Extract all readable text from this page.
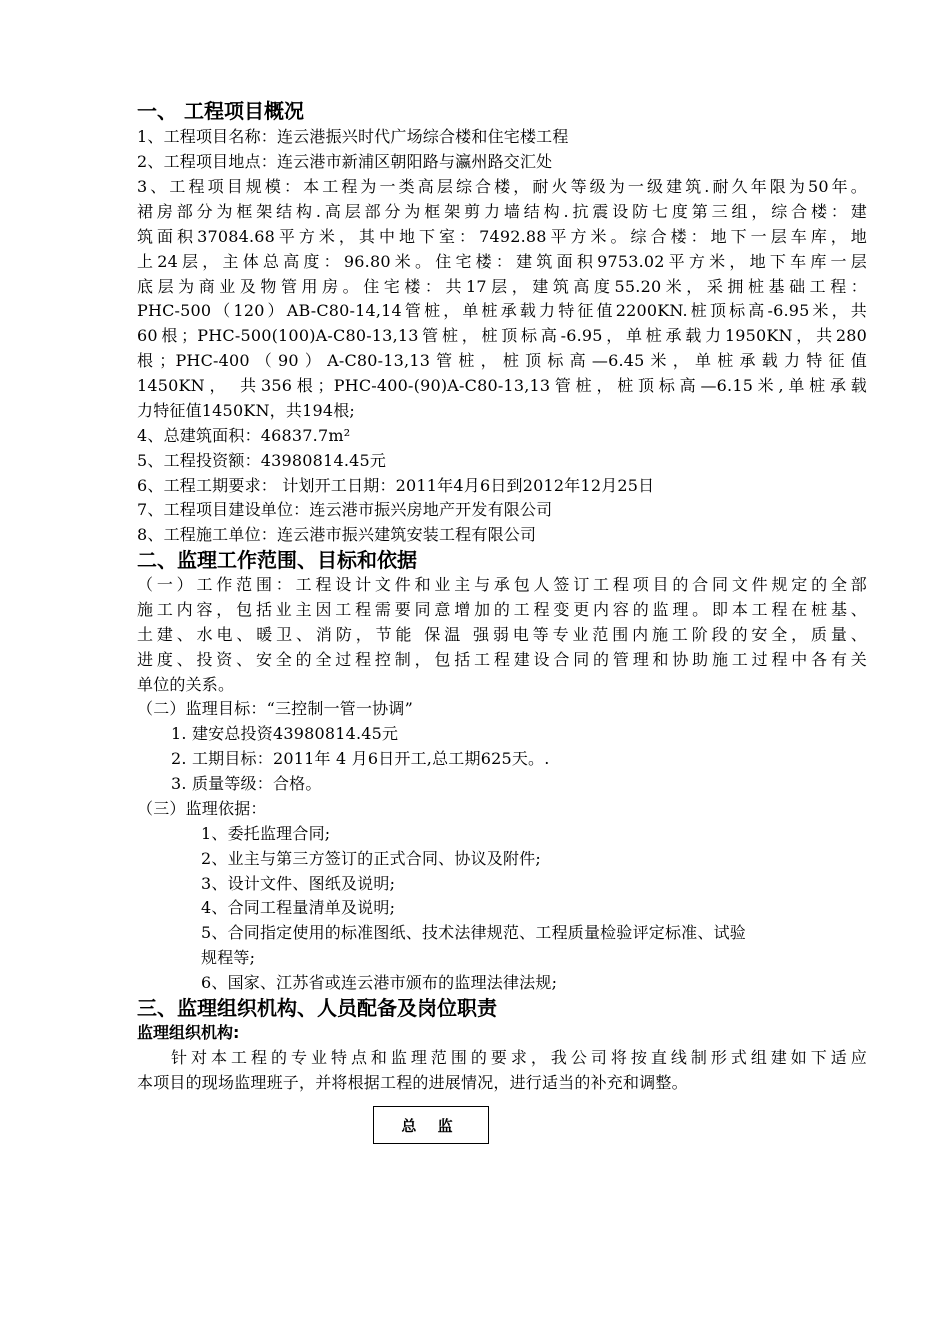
一、 工程项目概况
1、工程项目名称：连云港振兴时代广场综合楼和住宅楼工程
2、工程项目地点：连云港市新浦区朝阳路与瀛州路交汇处
3、工程项目规模：本工程为一类高层综合楼，耐火等级为一级建筑.耐久年限为50年。
裙房部分为框架结构.高层部分为框架剪力墙结构.抗震设防七度第三组，综合楼：建
筑面积37084.68平方米，其中地下室：7492.88平方米。综合楼：地下一层车库，地
上24层，主体总高度：96.80米。住宅楼：建筑面积9753.02平方米，地下车库一层
底层为商业及物管用房。住宅楼：共17层，建筑高度55.20米，采拥桩基础工程：
PHC-500（120）AB-C80-14,14管桩，单桩承载力特征值2200KN.桩顶标高-6.95米，共
60根；PHC-500(100)A-C80-13,13管桩，桩顶标高-6.95，单桩承载力1950KN，共280
根；PHC-400（90）A-C80-13,13管桩，桩顶标高—6.45米，单桩承载力特征值
1450KN， 共356根；PHC-400-(90)A-C80-13,13管桩，桩顶标高—6.15米,单桩承载
力特征值1450KN，共194根;
4、总建筑面积：46837.7m²
5、工程投资额：43980814.45元
6、工程工期要求： 计划开工日期：2011年4月6日到2012年12月25日
7、工程项目建设单位：连云港市振兴房地产开发有限公司
8、工程施工单位：连云港市振兴建筑安装工程有限公司
二、监理工作范围、目标和依据
（一）工作范围：工程设计文件和业主与承包人签订工程项目的合同文件规定的全部
施工内容，包括业主因工程需要同意增加的工程变更内容的监理。即本工程在桩基、
土建、水电、暖卫、消防，节能 保温 强弱电等专业范围内施工阶段的安全，质量、
进度、投资、安全的全过程控制，包括工程建设合同的管理和协助施工过程中各有关
单位的关系。
（二）监理目标：“三控制一管一协调”
1. 建安总投资43980814.45元
2. 工期目标：2011年 4 月6日开工,总工期625天。.
3. 质量等级：合格。
（三）监理依据：
1、委托监理合同;
2、业主与第三方签订的正式合同、协议及附件;
3、设计文件、图纸及说明;
4、合同工程量清单及说明;
5、合同指定使用的标准图纸、技术法律规范、工程质量检验评定标准、试验
规程等;
6、国家、江苏省或连云港市颁布的监理法律法规;
三、监理组织机构、人员配备及岗位职责
监理组织机构:
针对本工程的专业特点和监理范围的要求，我公司将按直线制形式组建如下适应
本项目的现场监理班子，并将根据工程的进展情况，进行适当的补充和调整。
总 监
